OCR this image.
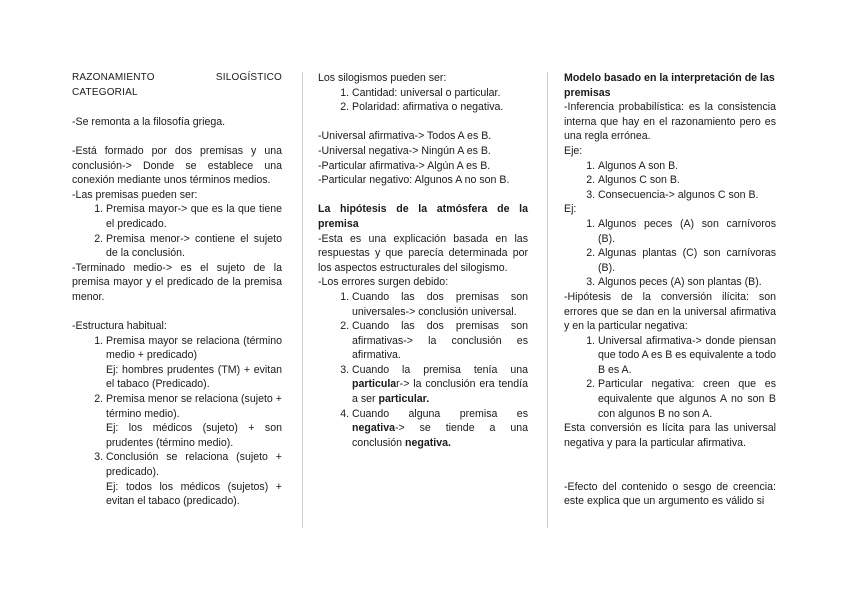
RAZONAMIENTO	SILOGÍSTICO
CATEGORIAL

-Se remonta a la filosofía griega.

-Está formado por dos premisas y una conclusión-> Donde se establece una conexión mediante unos términos medios.

-Las premisas pueden ser:

1. Premisa mayor-> que es la que tiene el predicado.
2. Premisa menor-> contiene el sujeto de la conclusión.

-Terminado medio-> es el sujeto de la premisa mayor y el predicado de la premisa menor.

-Estructura habitual:

1. Premisa mayor se relaciona (término medio + predicado)
Ej: hombres prudentes (TM) + evitan el tabaco (Predicado).
2. Premisa menor se relaciona (sujeto + término medio).
Ej: los médicos (sujeto) + son prudentes (término medio).
3. Conclusión se relaciona (sujeto + predicado).
Ej: todos los médicos (sujetos) + evitan el tabaco (predicado).

Los silogismos pueden ser:

1. Cantidad: universal o particular.
2. Polaridad: afirmativa o negativa.

-Universal afirmativa-> Todos A es B.

-Universal negativa-> Ningún A es B.

-Particular afirmativa-> Algún A es B.

-Particular negativo: Algunos A no son B.

La hipótesis de la atmósfera de la premisa

-Esta es una explicación basada en las respuestas y que parecía determinada por los aspectos estructurales del silogismo.

-Los errores surgen debido:

1. Cuando las dos premisas son universales-> conclusión universal.
2. Cuando las dos premisas son afirmativas-> la conclusión es afirmativa.
3. Cuando la premisa tenía una particular-> la conclusión era tendía a ser particular.
4. Cuando alguna premisa es negativa-> se tiende a una conclusión negativa.

Modelo basado en la interpretación de las premisas

-Inferencia probabilística: es la consistencia interna que hay en el razonamiento pero es una regla errónea.

Eje:

1. Algunos A son B.
2. Algunos C son B.
3. Consecuencia-> algunos C son B.

Ej:

1. Algunos peces (A) son carnívoros (B).
2. Algunas plantas (C) son carnívoras (B).
3. Algunos peces (A) son plantas (B).

-Hipótesis de la conversión ilícita: son errores que se dan en la universal afirmativa y en la particular negativa:

1. Universal afirmativa-> donde piensan que todo A es B es equivalente a todo B es A.
2. Particular negativa: creen que es equivalente que algunos A no son B con algunos B no son A.

Esta conversión es lícita para las universal negativa y para la particular afirmativa.

-Efecto del contenido o sesgo de creencia: este explica que un argumento es válido si
